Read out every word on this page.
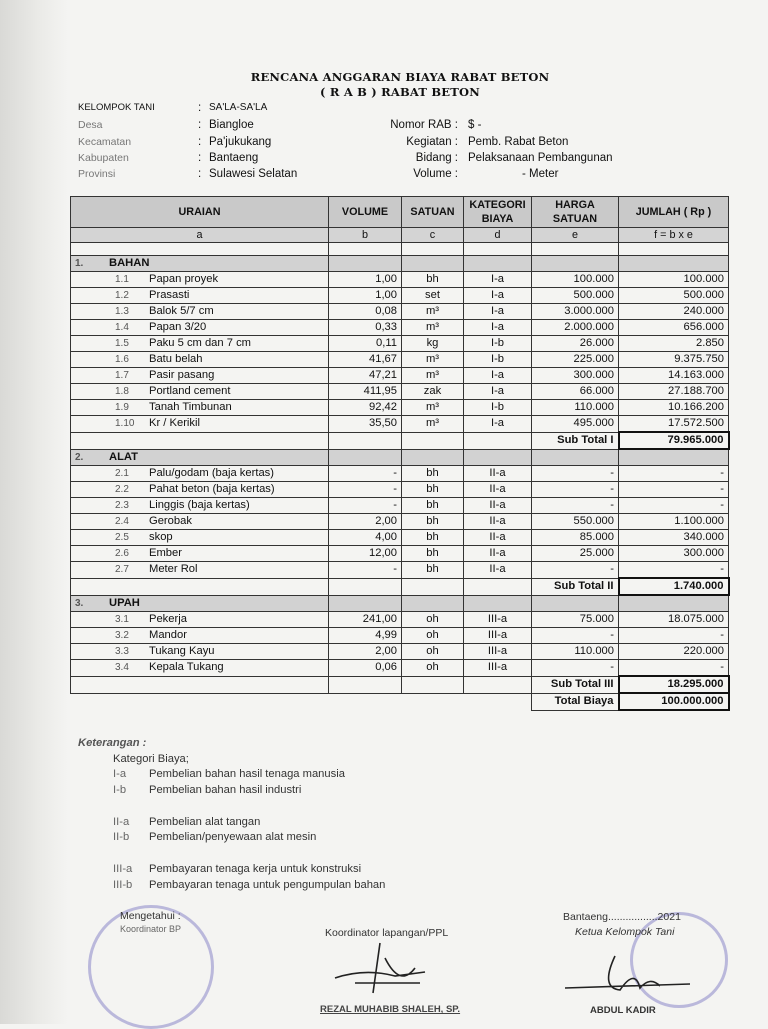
RENCANA ANGGARAN BIAYA RABAT BETON
( R A B ) RABAT BETON
KELOMPOK TANI	: SA'LA-SA'LA
Desa	: Biangloe
Kecamatan	: Pa'jukukang
Kabupaten	: Bantaeng
Provinsi	: Sulawesi Selatan
Nomor RAB : $ -
Kegiatan : Pemb. Rabat Beton
Bidang : Pelaksanaan Pembangunan
Volume :	- Meter
URAIAN	VOLUME	SATUAN	KATEGORI BIAYA	HARGA SATUAN	JUMLAH ( Rp )
a	b	c	d	e	f = b x e

1. BAHAN					
1.1 Papan proyek	1,00	bh	I-a	100.000	100.000
1.2 Prasasti	1,00	set	I-a	500.000	500.000
1.3 Balok 5/7 cm	0,08	m³	I-a	3.000.000	240.000
1.4 Papan 3/20	0,33	m³	I-a	2.000.000	656.000
1.5 Paku 5 cm dan 7 cm	0,11	kg	I-b	26.000	2.850
1.6 Batu belah	41,67	m³	I-b	225.000	9.375.750
1.7 Pasir pasang	47,21	m³	I-a	300.000	14.163.000
1.8 Portland cement	411,95	zak	I-a	66.000	27.188.700
1.9 Tanah Timbunan	92,42	m³	I-b	110.000	10.166.200
1.10 Kr / Kerikil	35,50	m³	I-a	495.000	17.572.500
				Sub Total I	79.965.000
2. ALAT					
2.1 Palu/godam (baja kertas)	-	bh	II-a	-	-
2.2 Pahat beton (baja kertas)	-	bh	II-a	-	-
2.3 Linggis (baja kertas)	-	bh	II-a	-	-
2.4 Gerobak	2,00	bh	II-a	550.000	1.100.000
2.5 skop	4,00	bh	II-a	85.000	340.000
2.6 Ember	12,00	bh	II-a	25.000	300.000
2.7 Meter Rol	-	bh	II-a	-	-
				Sub Total II	1.740.000
3. UPAH					
3.1 Pekerja	241,00	oh	III-a	75.000	18.075.000
3.2 Mandor	4,99	oh	III-a	-	-
3.3 Tukang Kayu	2,00	oh	III-a	110.000	220.000
3.4 Kepala Tukang	0,06	oh	III-a	-	-
				Sub Total III	18.295.000
				Total Biaya	100.000.000
Keterangan :
Kategori Biaya;
I-a Pembelian bahan hasil tenaga manusia
I-b Pembelian bahan hasil industri
II-a Pembelian alat tangan
II-b Pembelian/penyewaan alat mesin
III-a Pembayaran tenaga kerja untuk konstruksi
III-b Pembayaran tenaga untuk pengumpulan bahan
Mengetahui :
Koordinator BP	Koordinator lapangan/PPL
REZAL MUHABIB SHALEH, SP.
Bantaeng.................2021
Ketua Kelompok Tani
ABDUL KADIR
